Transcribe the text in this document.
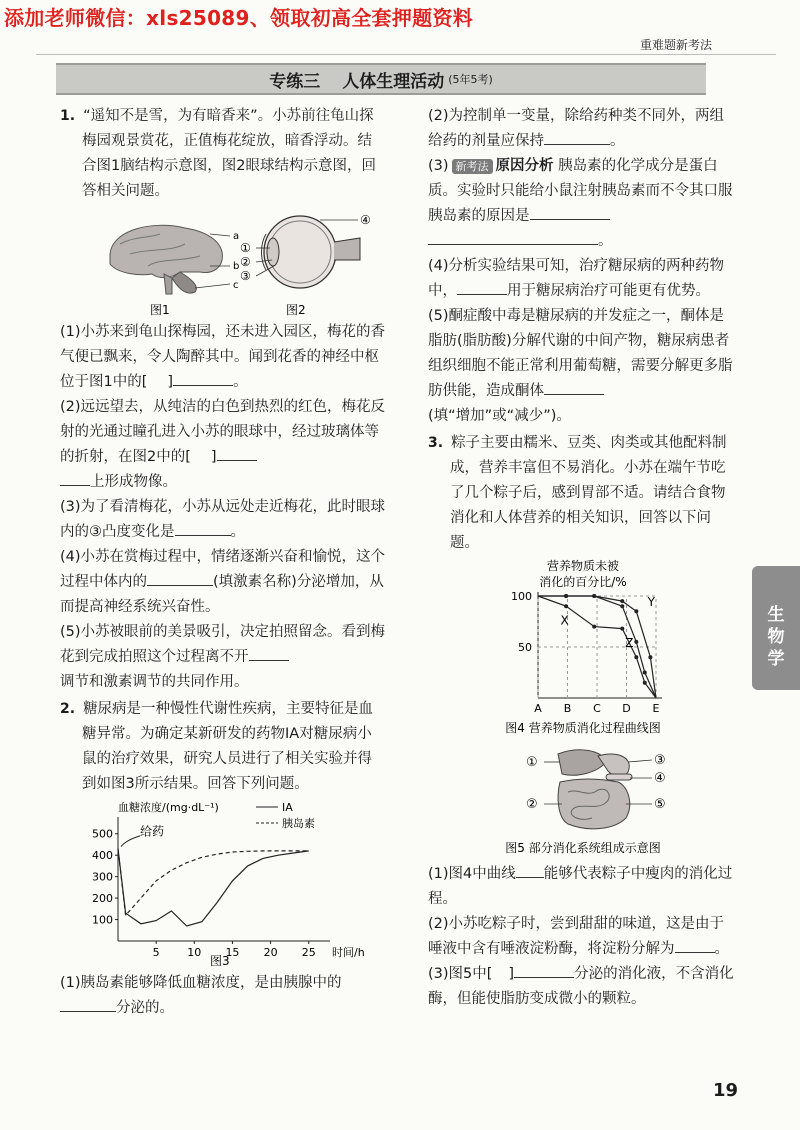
添加老师微信：xls25089、领取初高全套押题资料
重难题新考法
专练三 人体生理活动 (5年5考)

1. “遥知不是雪，为有暗香来”。小苏前往龟山探梅园观景赏花，正值梅花绽放，暗香浮动。结合图1脑结构示意图，图2眼球结构示意图，回答相关问题。

a
b
c
④
①
②
③
图1	图2

(1)小苏来到龟山探梅园，还未进入园区，梅花的香气便已飘来，令人陶醉其中。闻到花香的神经中枢位于图1中的[ ]	。

(2)远远望去，从纯洁的白色到热烈的红色，梅花反射的光通过瞳孔进入小苏的眼球中，经过玻璃体等的折射，在图2中的[ ]
上形成物像。

(3)为了看清梅花，小苏从远处走近梅花，此时眼球内的③凸度变化是	。

(4)小苏在赏梅过程中，情绪逐渐兴奋和愉悦，这个过程中体内的	(填激素名称)分泌增加，从而提高神经系统兴奋性。

(5)小苏被眼前的美景吸引，决定拍照留念。看到梅花到完成拍照这个过程离不开
调节和激素调节的共同作用。

2. 糖尿病是一种慢性代谢性疾病，主要特征是血糖异常。为确定某新研发的药物IA对糖尿病小鼠的治疗效果，研究人员进行了相关实验并得到如图3所示结果。回答下列问题。

血糖浓度/(mg·dL⁻¹)	IA
胰岛素
100
200
300
400
500
5	10 15 20 25 时间/h
给药
图3

(1)胰岛素能够降低血糖浓度，是由胰腺中的分泌的。

(2)为控制单一变量，除给药种类不同外，两组给药的剂量应保持	。

(3) 新考法 原因分析 胰岛素的化学成分是蛋白质。实验时只能给小鼠注射胰岛素而不令其口服胰岛素的原因是
。

(4)分析实验结果可知，治疗糖尿病的两种药物中，	用于糖尿病治疗可能更有优势。

(5)酮症酸中毒是糖尿病的并发症之一，酮体是脂肪(脂肪酸)分解代谢的中间产物，糖尿病患者组织细胞不能正常利用葡萄糖，需要分解更多脂肪供能，造成酮体
(填“增加”或“减少”)。

3. 粽子主要由糯米、豆类、肉类或其他配料制成，营养丰富但不易消化。小苏在端午节吃了几个粽子后，感到胃部不适。请结合食物消化和人体营养的相关知识，回答以下问题。

营养物质未被
消化的百分比/%
50
100
A B C D E
X
Y
Z
图4 营养物质消化过程曲线图
①	③
④
②	⑤
图5 部分消化系统组成示意图

(1)图4中曲线 能够代表粽子中瘦肉的消化过程。

(2)小苏吃粽子时，尝到甜甜的味道，这是由于唾液中含有唾液淀粉酶，将淀粉分解为	。

(3)图5中[ ]	分泌的消化液，不含消化酶，但能使脂肪变成微小的颗粒。

生物学
19
